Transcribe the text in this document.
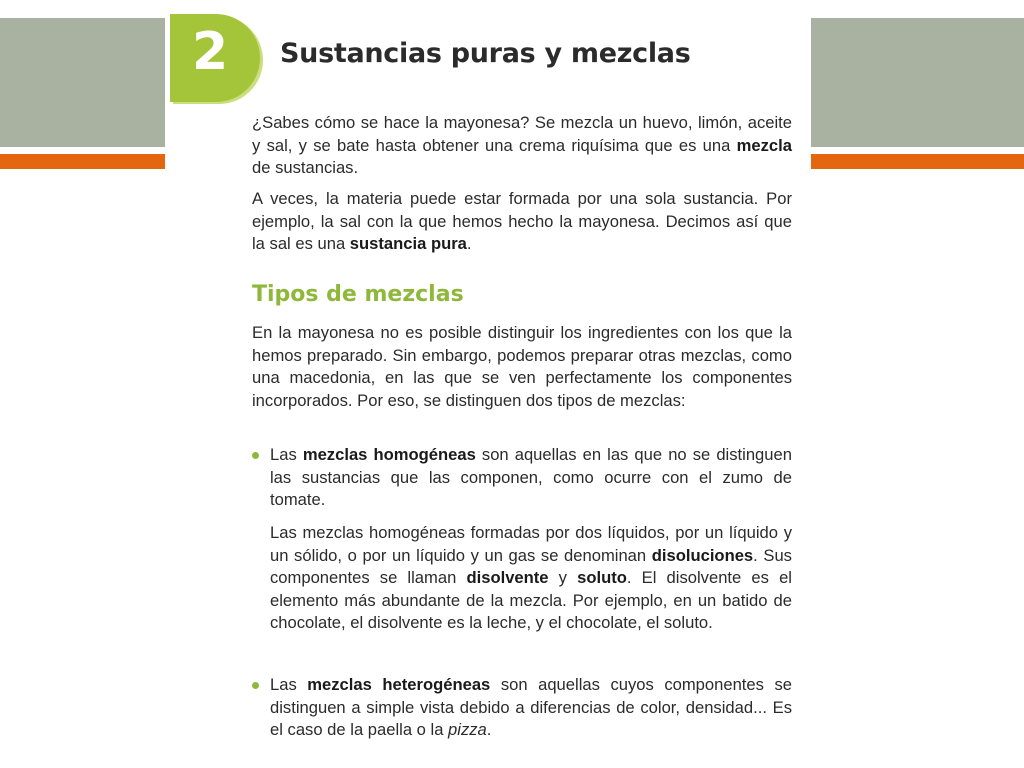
2 Sustancias puras y mezclas

¿Sabes cómo se hace la mayonesa? Se mezcla un huevo, limón, aceite y sal, y se bate hasta obtener una crema riquísima que es una mezcla de sustancias.

A veces, la materia puede estar formada por una sola sustancia. Por ejemplo, la sal con la que hemos hecho la mayonesa. Decimos así que la sal es una sustancia pura.

Tipos de mezclas

En la mayonesa no es posible distinguir los ingredientes con los que la hemos preparado. Sin embargo, podemos preparar otras mezclas, como una macedonia, en las que se ven perfectamente los componentes incorporados. Por eso, se distinguen dos tipos de mezclas:

Las mezclas homogéneas son aquellas en las que no se distinguen las sustancias que las componen, como ocurre con el zumo de tomate.

Las mezclas homogéneas formadas por dos líquidos, por un líquido y un sólido, o por un líquido y un gas se denominan disoluciones. Sus componentes se llaman disolvente y soluto. El disolvente es el elemento más abundante de la mezcla. Por ejemplo, en un batido de chocolate, el disolvente es la leche, y el chocolate, el soluto.

Las mezclas heterogéneas son aquellas cuyos componentes se distinguen a simple vista debido a diferencias de color, densidad... Es el caso de la paella o la pizza.
